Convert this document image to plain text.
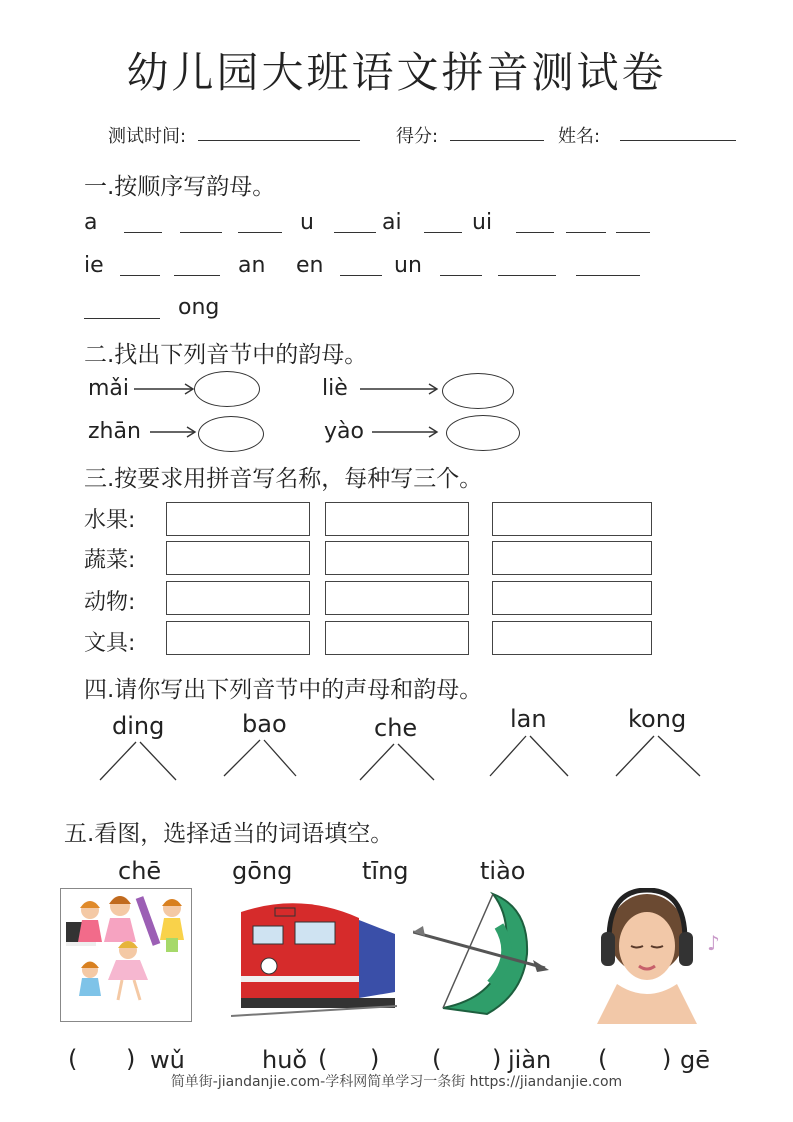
幼儿园大班语文拼音测试卷
测试时间:	得分:	姓名:
一.按顺序写韵母。
a	u	ai	ui
ie	an en	un
ong
二.找出下列音节中的韵母。
mǎi	liè
zhān	yào
三.按要求用拼音写名称，每种写三个。
水果:
蔬菜:
动物:
文具:
四.请你写出下列音节中的声母和韵母。
ding	bao	che	lan	kong
五.看图，选择适当的词语填空。
chē	gōng	tīng	tiào
♪
( ) wǔ	huǒ ( ) ( ) jiàn ( ) gē
简单街-jiandanjie.com-学科网简单学习一条街 https://jiandanjie.com
